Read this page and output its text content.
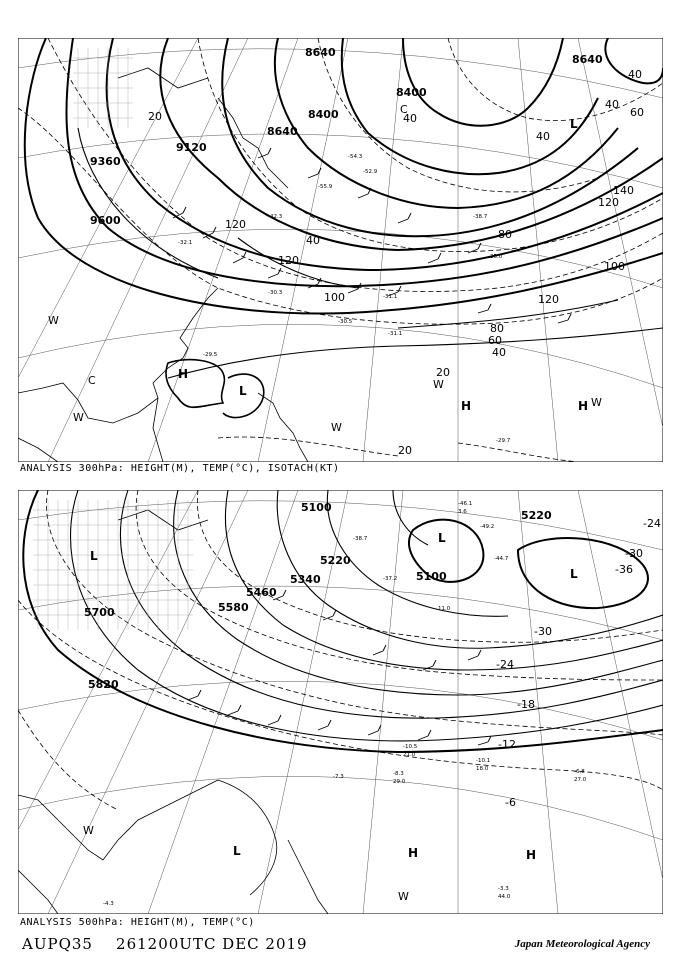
9600
9360
9120
8640
8400
8640
8400
8640
120
100
80
60
40
20
20
20	40
120
140
120
40
40
60
40	80
40
100
120
-31.1
-30.3
-29.5
-29.7
-32.1
-31.1
-30.5
-55.9
-54.3
-52.9
-42.3	-38.7
-35.0
H
H	H
L
L
W
W
W
W
W
C
C
ANALYSIS 300hPa: HEIGHT(M), TEMP(°C), ISOTACH(KT)
5820
5700	5580
5460
5340
5220
5100
5100
5220
-6
-12
-18
-24
-30
-36
-30
-24
-44.7
-46.1
-49.2
-37.2
-38.7
-10.5
-10.1
-8.3	-6.8
-3.3
-7.3
-4.3
18.0
21.0
29.0	27.0
44.0
3.6
11.0
H	H
L
L
L
W
W
L
ANALYSIS 500hPa: HEIGHT(M), TEMP(°C)
AUPQ35 261200UTC DEC 2019	Japan Meteorological Agency
